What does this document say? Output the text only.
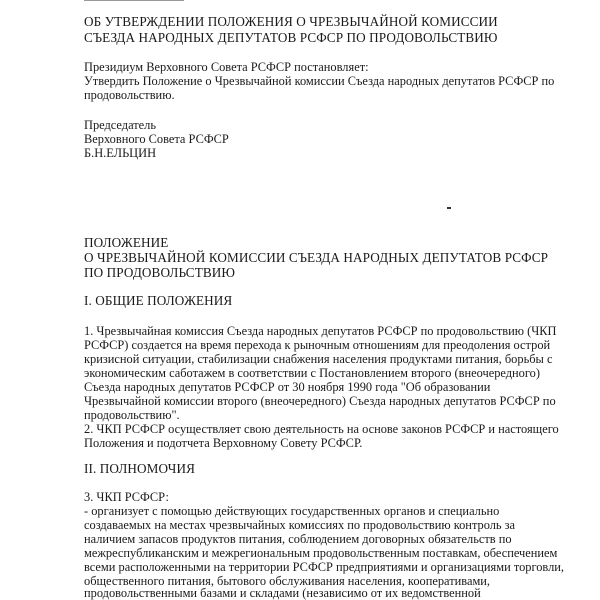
ОБ УТВЕРЖДЕНИИ ПОЛОЖЕНИЯ О ЧРЕЗВЫЧАЙНОЙ КОМИССИИ
СЪЕЗДА НАРОДНЫХ ДЕПУТАТОВ РСФСР ПО ПРОДОВОЛЬСТВИЮ
Президиум Верховного Совета РСФСР постановляет:
Утвердить Положение о Чрезвычайной комиссии Съезда народных депутатов РСФСР по
продовольствию.
Председатель
Верховного Совета РСФСР
Б.Н.ЕЛЬЦИН
ПОЛОЖЕНИЕ
О ЧРЕЗВЫЧАЙНОЙ КОМИССИИ СЪЕЗДА НАРОДНЫХ ДЕПУТАТОВ РСФСР
ПО ПРОДОВОЛЬСТВИЮ
I. ОБЩИЕ ПОЛОЖЕНИЯ
1. Чрезвычайная комиссия Съезда народных депутатов РСФСР по продовольствию (ЧКП
РСФСР) создается на время перехода к рыночным отношениям для преодоления острой
кризисной ситуации, стабилизации снабжения населения продуктами питания, борьбы с
экономическим саботажем в соответствии с Постановлением второго (внеочередного)
Съезда народных депутатов РСФСР от 30 ноября 1990 года "Об образовании
Чрезвычайной комиссии второго (внеочередного) Съезда народных депутатов РСФСР по
продовольствию".
2. ЧКП РСФСР осуществляет свою деятельность на основе законов РСФСР и настоящего
Положения и подотчета Верховному Совету РСФСР.
II. ПОЛНОМОЧИЯ
3. ЧКП РСФСР:
- организует с помощью действующих государственных органов и специально
создаваемых на местах чрезвычайных комиссиях по продовольствию контроль за
наличием запасов продуктов питания, соблюдением договорных обязательств по
межреспубликанским и межрегиональным продовольственным поставкам, обеспечением
всеми расположенными на территории РСФСР предприятиями и организациями торговли,
общественного питания, бытового обслуживания населения, кооперативами,
продовольственными базами и складами (независимо от их ведомственной
